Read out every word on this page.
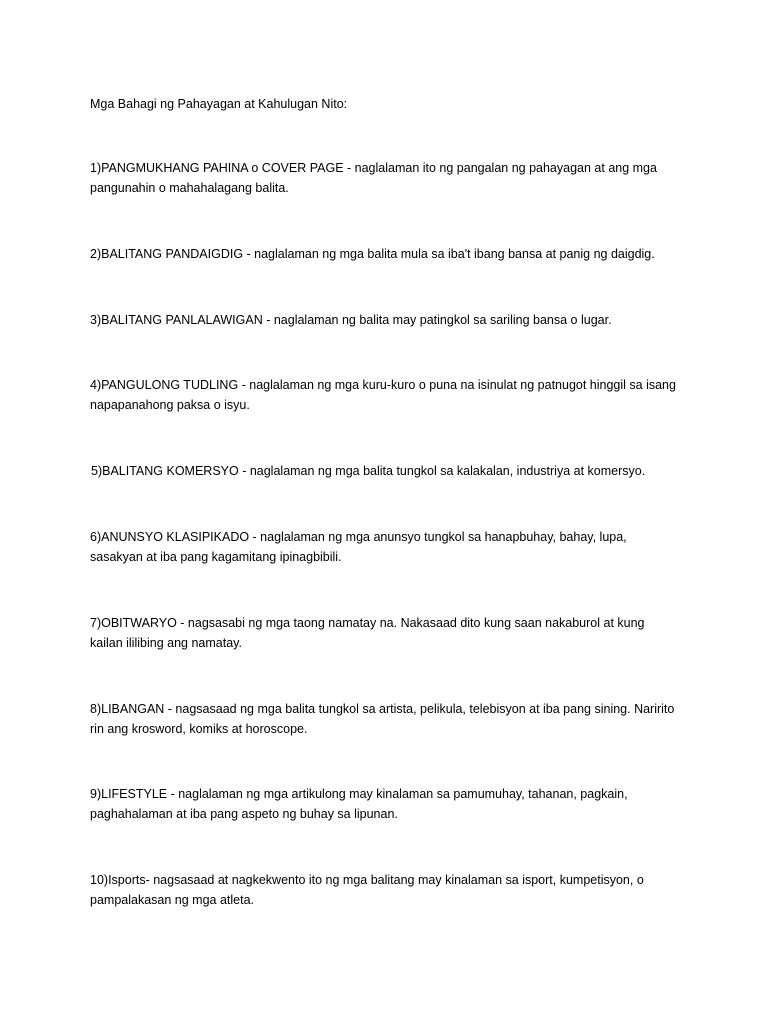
Mga Bahagi ng Pahayagan at Kahulugan Nito:
1)PANGMUKHANG PAHINA o COVER PAGE - naglalaman ito ng pangalan ng pahayagan at ang mga pangunahin o mahahalagang balita.
2)BALITANG PANDAIGDIG - naglalaman ng mga balita mula sa iba't ibang bansa at panig ng daigdig.
3)BALITANG PANLALAWIGAN - naglalaman ng balita may patingkol sa sariling bansa o lugar.
4)PANGULONG TUDLING - naglalaman ng mga kuru-kuro o puna na isinulat ng patnugot hinggil sa isang napapanahong paksa o isyu.
5)BALITANG KOMERSYO - naglalaman ng mga balita tungkol sa kalakalan, industriya at komersyo.
6)ANUNSYO KLASIPIKADO - naglalaman ng mga anunsyo tungkol sa hanapbuhay, bahay, lupa, sasakyan at iba pang kagamitang ipinagbibili.
7)OBITWARYO - nagsasabi ng mga taong namatay na. Nakasaad dito kung saan nakaburol at kung kailan ililibing ang namatay.
8)LIBANGAN - nagsasaad ng mga balita tungkol sa artista, pelikula, telebisyon at iba pang sining. Naririto rin ang krosword, komiks at horoscope.
9)LIFESTYLE - naglalaman ng mga artikulong may kinalaman sa pamumuhay, tahanan, pagkain, paghahalaman at iba pang aspeto ng buhay sa lipunan.
10)Isports- nagsasaad at nagkekwento ito ng mga balitang may kinalaman sa isport, kumpetisyon, o pampalakasan ng mga atleta.
